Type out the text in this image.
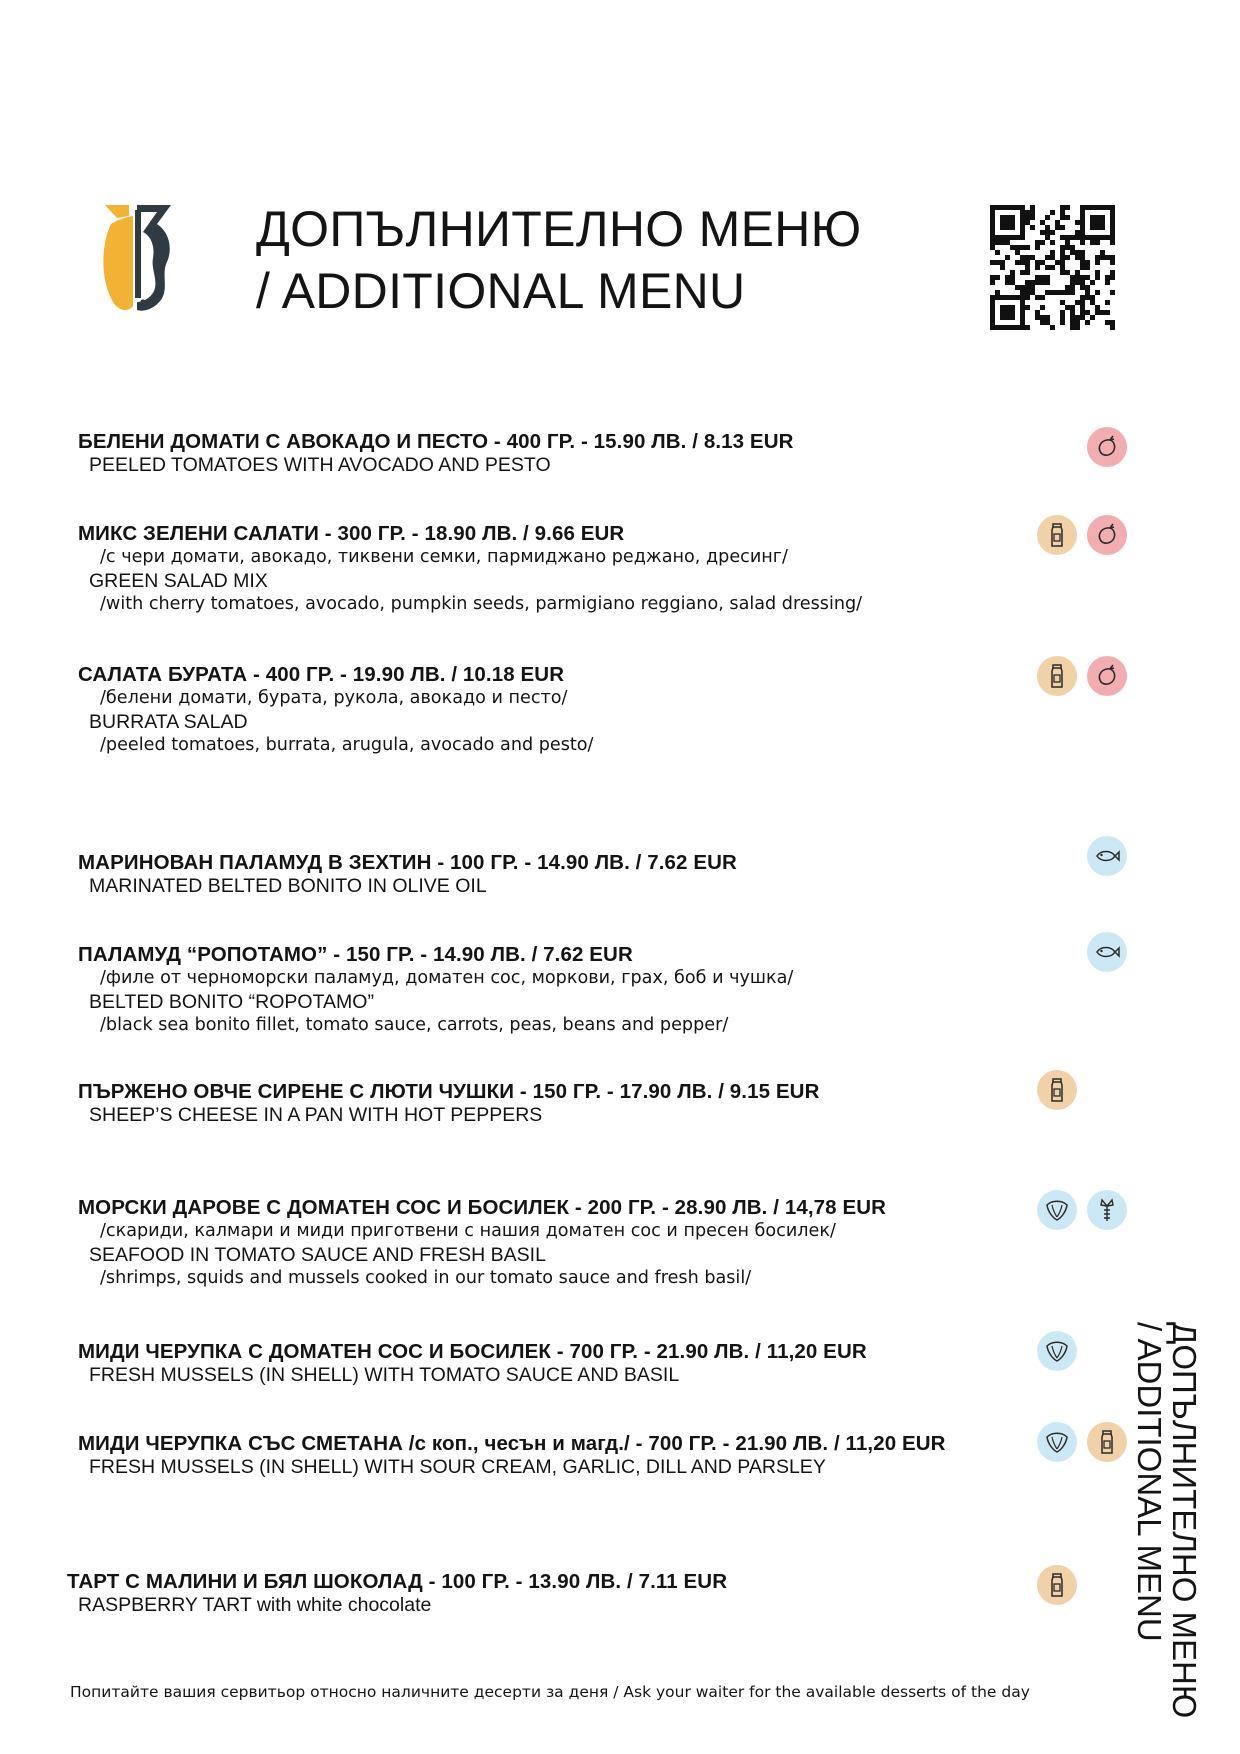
ДОПЪЛНИТЕЛНО МЕНЮ
/ ADDITIONAL MENU
БЕЛЕНИ ДОМАТИ С АВОКАДО И ПЕСТО - 400 ГР. - 15.90 ЛВ. / 8.13 EUR
PEELED TOMATOES WITH AVOCADO AND PESTO
МИКС ЗЕЛЕНИ САЛАТИ - 300 ГР. - 18.90 ЛВ. / 9.66 EUR
/с чери домати, авокадо, тиквени семки, пармиджано реджано, дресинг/
GREEN SALAD MIX
/with cherry tomatoes, avocado, pumpkin seeds, parmigiano reggiano, salad dressing/
САЛАТА БУРАТА - 400 ГР. - 19.90 ЛВ. / 10.18 EUR
/белени домати, бурата, рукола, авокадо и песто/
BURRATA SALAD
/peeled tomatoes, burrata, arugula, avocado and pesto/
МАРИНОВАН ПАЛАМУД В ЗЕХТИН - 100 ГР. - 14.90 ЛВ. / 7.62 EUR
MARINATED BELTED BONITO IN OLIVE OIL
ПАЛАМУД “РОПОТАМО” - 150 ГР. - 14.90 ЛВ. / 7.62 EUR
/филе от черноморски паламуд, доматен сос, моркови, грах, боб и чушка/
BELTED BONITO “ROPOTAMO”
/black sea bonito fillet, tomato sauce, carrots, peas, beans and pepper/
ПЪРЖЕНО ОВЧЕ СИРЕНЕ С ЛЮТИ ЧУШКИ - 150 ГР. - 17.90 ЛВ. / 9.15 EUR
SHEEP’S CHEESE IN A PAN WITH HOT PEPPERS
МОРСКИ ДАРОВЕ С ДОМАТЕН СОС И БОСИЛЕК - 200 ГР. - 28.90 ЛВ. / 14,78 EUR
/скариди, калмари и миди приготвени с нашия доматен сос и пресен босилек/
SEAFOOD IN TOMATO SAUCE AND FRESH BASIL
/shrimps, squids and mussels cooked in our tomato sauce and fresh basil/
МИДИ ЧЕРУПКА С ДОМАТЕН СОС И БОСИЛЕК - 700 ГР. - 21.90 ЛВ. / 11,20 EUR
FRESH MUSSELS (IN SHELL) WITH TOMATO SAUCE AND BASIL
МИДИ ЧЕРУПКА СЪС СМЕТАНА /с коп., чесън и магд./ - 700 ГР. - 21.90 ЛВ. / 11,20 EUR
FRESH MUSSELS (IN SHELL) WITH SOUR CREAM, GARLIC, DILL AND PARSLEY
ТАРТ С МАЛИНИ И БЯЛ ШОКОЛАД - 100 ГР. - 13.90 ЛВ. / 7.11 EUR
RASPBERRY TART with white chocolate	ДОПЪЛНИТЕЛНО МЕНЮ
/ ADDITIONAL MENU
Попитайте вашия сервитьор относно наличните десерти за деня / Ask your waiter for the available desserts of the day
